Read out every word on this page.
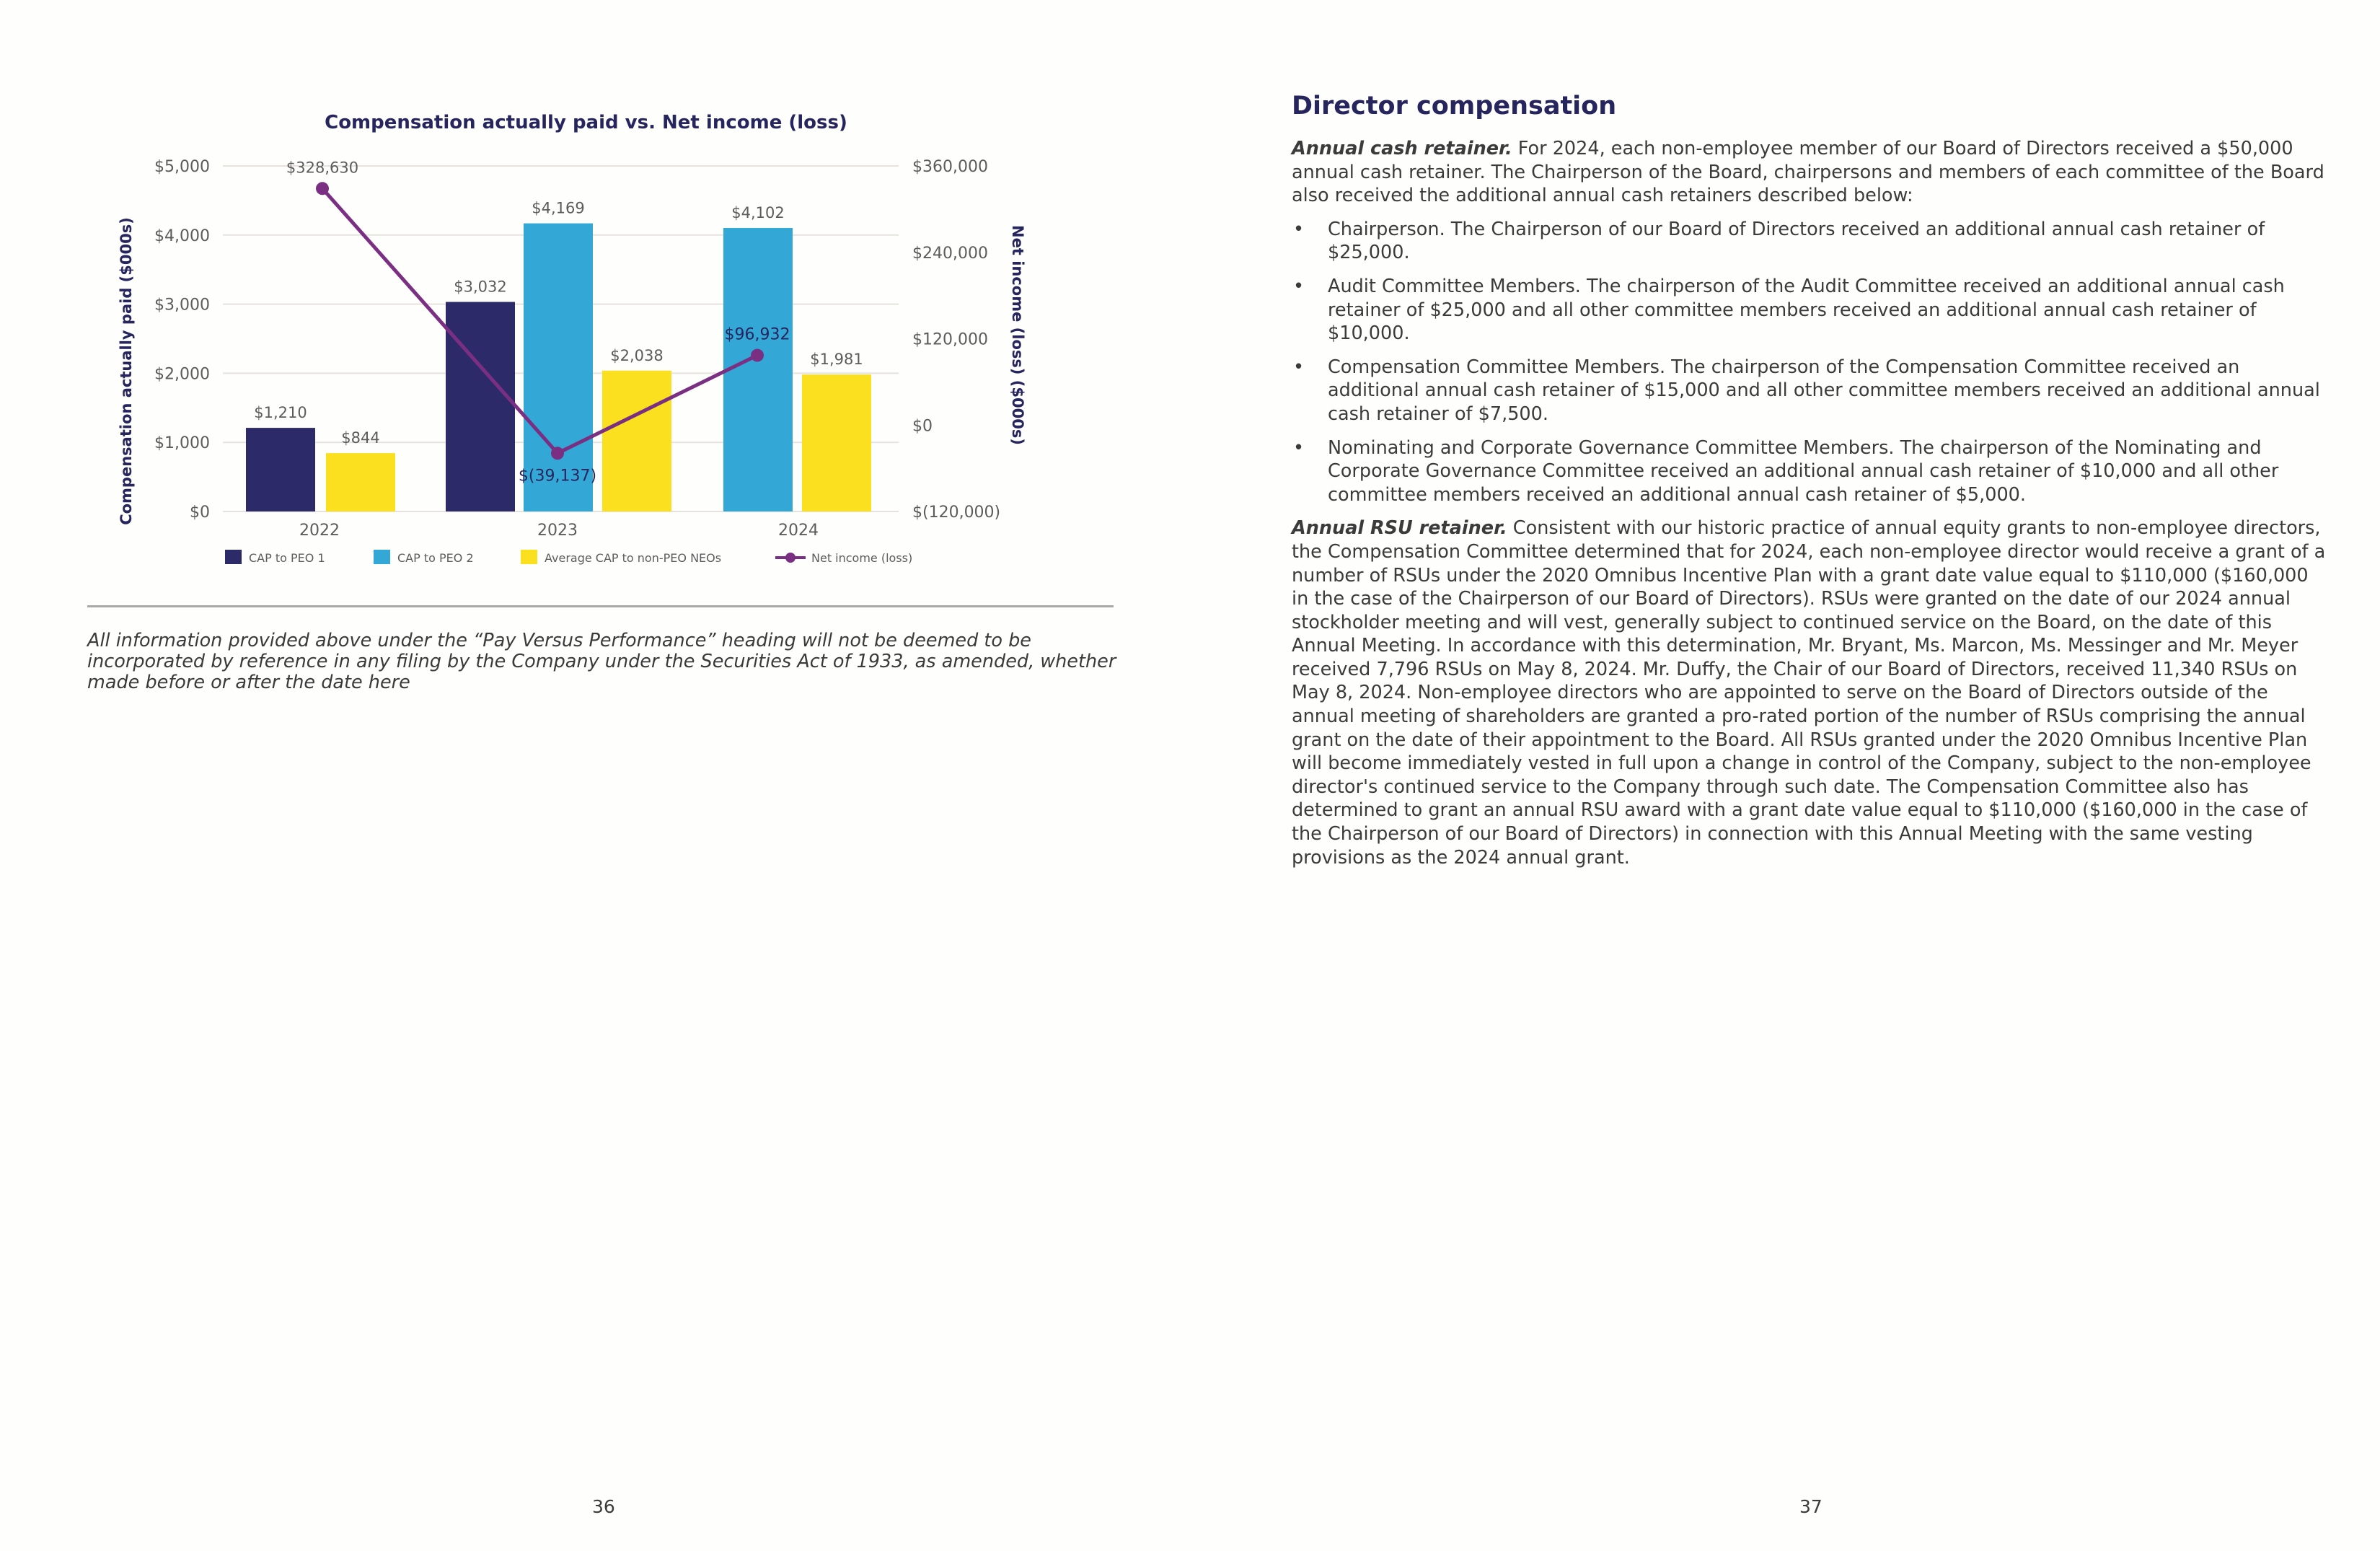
Compensation actually paid vs. Net income (loss)
$0
$1,000
$2,000
$3,000
$4,000
$5,000
$(120,000)
$0
$120,000
$240,000
$360,000
Compensation actually paid ($000s)	Net income (loss) ($000s)
$1,210
$3,032
$4,169	$4,102
$844
$2,038	$1,981
2022	2023	2024
$328,630
$(39,137)
$96,932
CAP to PEO 1	CAP to PEO 2	Average CAP to non-PEO NEOs	Net income (loss)
All information provided above under the “Pay Versus Performance” heading will not be deemed to be incorporated by reference in any filing by the Company under the Securities Act of 1933, as amended, whether made before or after the date here
36
Director compensation

Annual cash retainer. For 2024, each non-employee member of our Board of Directors received a $50,000 annual cash retainer. The Chairperson of the Board, chairpersons and members of each committee of the Board also received the additional annual cash retainers described below:

• Chairperson. The Chairperson of our Board of Directors received an additional annual cash retainer of $25,000.
• Audit Committee Members. The chairperson of the Audit Committee received an additional annual cash retainer of $25,000 and all other committee members received an additional annual cash retainer of $10,000.
• Compensation Committee Members. The chairperson of the Compensation Committee received an additional annual cash retainer of $15,000 and all other committee members received an additional annual cash retainer of $7,500.
• Nominating and Corporate Governance Committee Members. The chairperson of the Nominating and Corporate Governance Committee received an additional annual cash retainer of $10,000 and all other committee members received an additional annual cash retainer of $5,000.

Annual RSU retainer. Consistent with our historic practice of annual equity grants to non-employee directors, the Compensation Committee determined that for 2024, each non-employee director would receive a grant of a number of RSUs under the 2020 Omnibus Incentive Plan with a grant date value equal to $110,000 ($160,000 in the case of the Chairperson of our Board of Directors). RSUs were granted on the date of our 2024 annual stockholder meeting and will vest, generally subject to continued service on the Board, on the date of this Annual Meeting. In accordance with this determination, Mr. Bryant, Ms. Marcon, Ms. Messinger and Mr. Meyer received 7,796 RSUs on May 8, 2024. Mr. Duffy, the Chair of our Board of Directors, received 11,340 RSUs on May 8, 2024. Non-employee directors who are appointed to serve on the Board of Directors outside of the annual meeting of shareholders are granted a pro-rated portion of the number of RSUs comprising the annual grant on the date of their appointment to the Board. All RSUs granted under the 2020 Omnibus Incentive Plan will become immediately vested in full upon a change in control of the Company, subject to the non-employee director's continued service to the Company through such date. The Compensation Committee also has determined to grant an annual RSU award with a grant date value equal to $110,000 ($160,000 in the case of the Chairperson of our Board of Directors) in connection with this Annual Meeting with the same vesting provisions as the 2024 annual grant.

37
